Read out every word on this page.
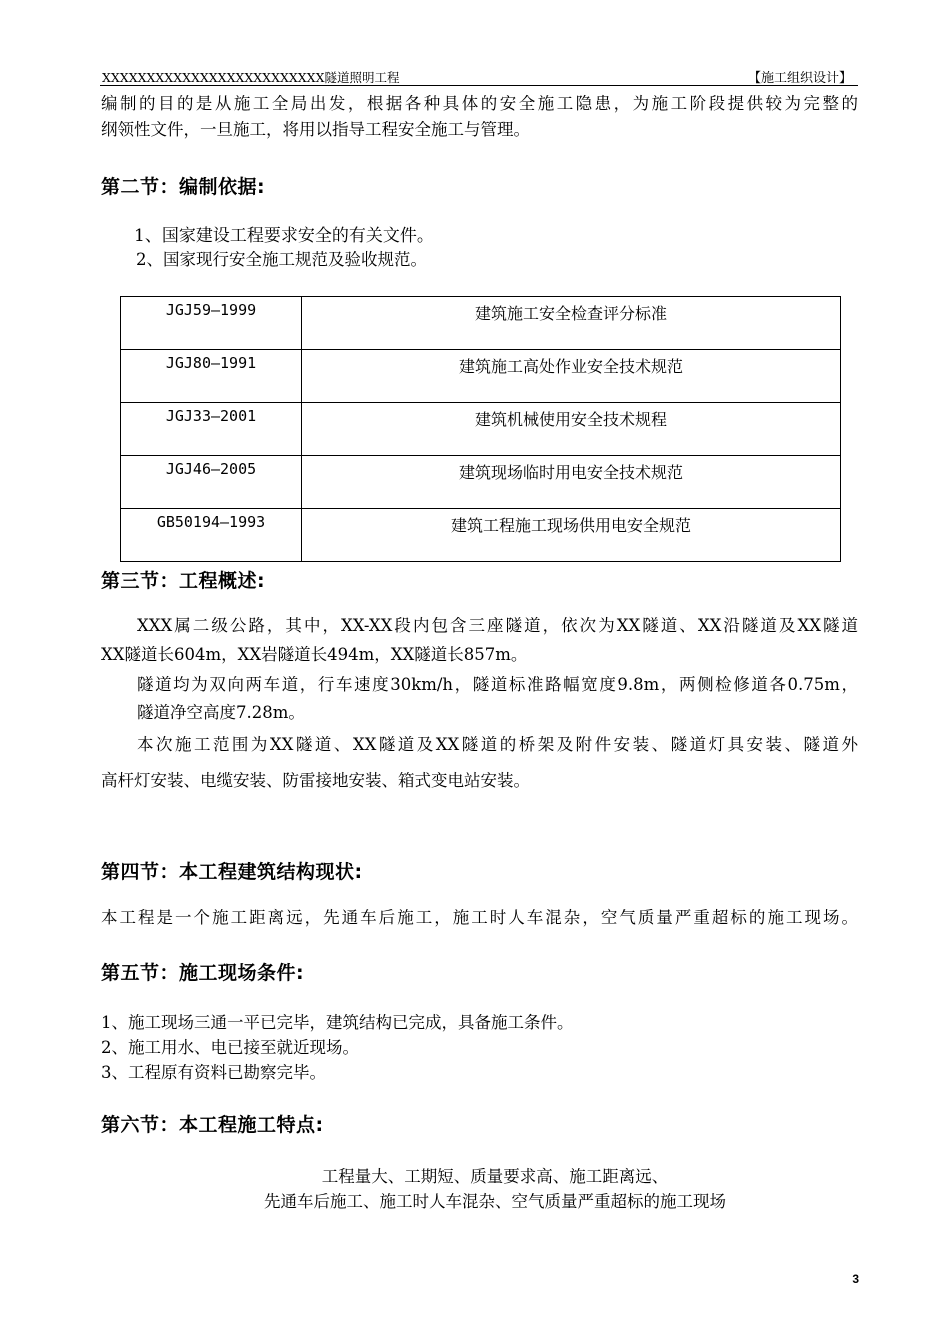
XXXXXXXXXXXXXXXXXXXXXXXXX隧道照明工程	【施工组织设计】
编制的目的是从施工全局出发，根据各种具体的安全施工隐患，为施工阶段提供较为完整的
纲领性文件，一旦施工，将用以指导工程安全施工与管理。
第二节：编制依据:
1、国家建设工程要求安全的有关文件。
2、国家现行安全施工规范及验收规范。
JGJ59—1999	建筑施工安全检查评分标准
JGJ80—1991	建筑施工高处作业安全技术规范
JGJ33—2001	建筑机械使用安全技术规程
JGJ46—2005	建筑现场临时用电安全技术规范
GB50194—1993	建筑工程施工现场供用电安全规范
第三节：工程概述:
XXX属二级公路，其中，XX-XX段内包含三座隧道，依次为XX隧道、XX沿隧道及XX隧道
XX隧道长604m，XX岩隧道长494m，XX隧道长857m。
隧道均为双向两车道，行车速度30km/h，隧道标准路幅宽度9.8m，两侧检修道各0.75m，
隧道净空高度7.28m。
本次施工范围为XX隧道、XX隧道及XX隧道的桥架及附件安装、隧道灯具安装、隧道外
高杆灯安装、电缆安装、防雷接地安装、箱式变电站安装。
第四节：本工程建筑结构现状:
本工程是一个施工距离远，先通车后施工，施工时人车混杂，空气质量严重超标的施工现场。
第五节：施工现场条件:
1、施工现场三通一平已完毕，建筑结构已完成，具备施工条件。
2、施工用水、电已接至就近现场。
3、工程原有资料已勘察完毕。
第六节：本工程施工特点:
工程量大、工期短、质量要求高、施工距离远、
先通车后施工、施工时人车混杂、空气质量严重超标的施工现场
3
